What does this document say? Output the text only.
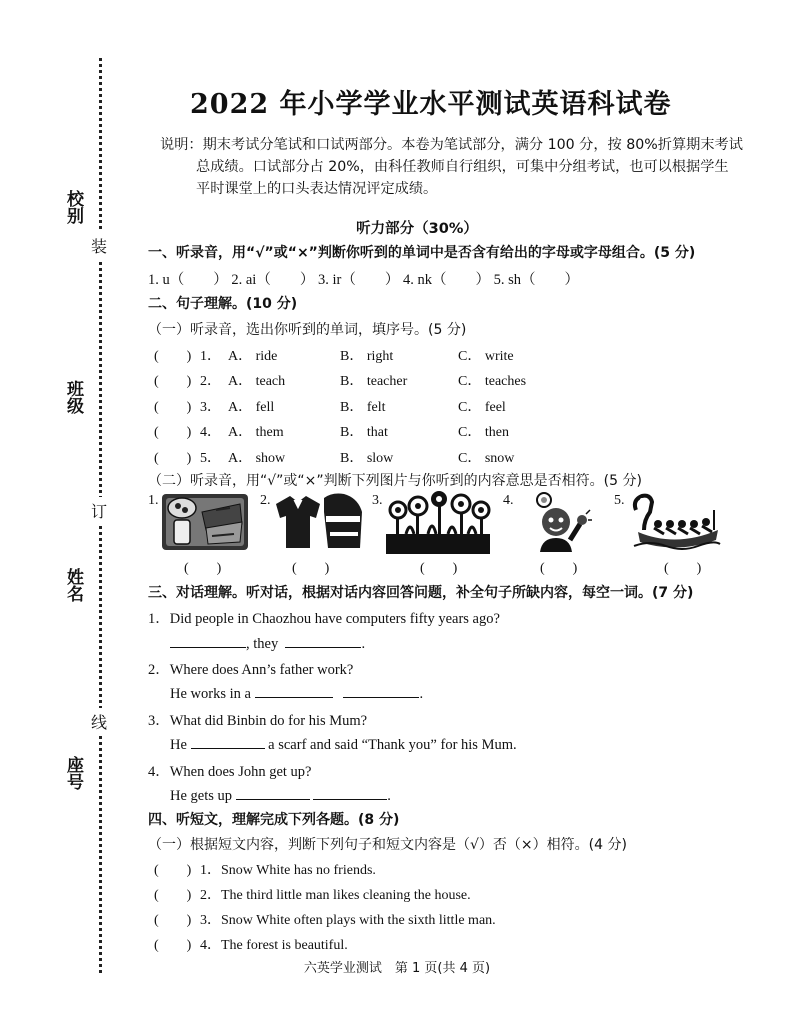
校别
装
班级
订
姓名
线
座号
2022 年小学学业水平测试英语科试卷
说明：期末考试分笔试和口试两部分。本卷为笔试部分，满分 100 分，按 80%折算期末考试
总成绩。口试部分占 20%，由科任教师自行组织，可集中分组考试，也可以根据学生
平时课堂上的口头表达情况评定成绩。
听力部分（30%）
一、听录音，用“√”或“×”判断你听到的单词中是否含有给出的字母或字母组合。(5 分)
1. u（　　） 2. ai（　　） 3. ir（　　） 4. nk（　　） 5. sh（　　）
二、句子理解。(10 分)
（一）听录音，选出你听到的单词，填序号。(5 分)
(　　) 1． A． ride	B． right	C． write
(　　) 2． A． teach	B． teacher	C． teaches
(　　) 3． A． fell	B． felt	C． feel
(　　) 4． A． them	B． that	C． then
(　　) 5． A． show	B． slow	C． snow
（二）听录音，用“√”或“×”判断下列图片与你听到的内容意思是否相符。(5 分)
1.	2.	3.	4.	5.
(　　)	(　　)	(　　)	(　　)	(　　)
三、对话理解。听对话，根据对话内容回答问题，补全句子所缺内容，每空一词。(7 分)
1．Did people in Chaozhou have computers fifty years ago?
, they	.
2．Where does Ann’s father work?
He works in a	.
3．What did Binbin do for his Mum?
He	a scarf and said “Thank you” for his Mum.
4．When does John get up?
He gets up	.
四、听短文，理解完成下列各题。(8 分)
（一）根据短文内容，判断下列句子和短文内容是（√）否（×）相符。(4 分)
(　　) 1．Snow White has no friends.
(　　) 2．The third little man likes cleaning the house.
(　　) 3．Snow White often plays with the sixth little man.
(　　) 4．The forest is beautiful.
六英学业测试　第 1 页(共 4 页)
